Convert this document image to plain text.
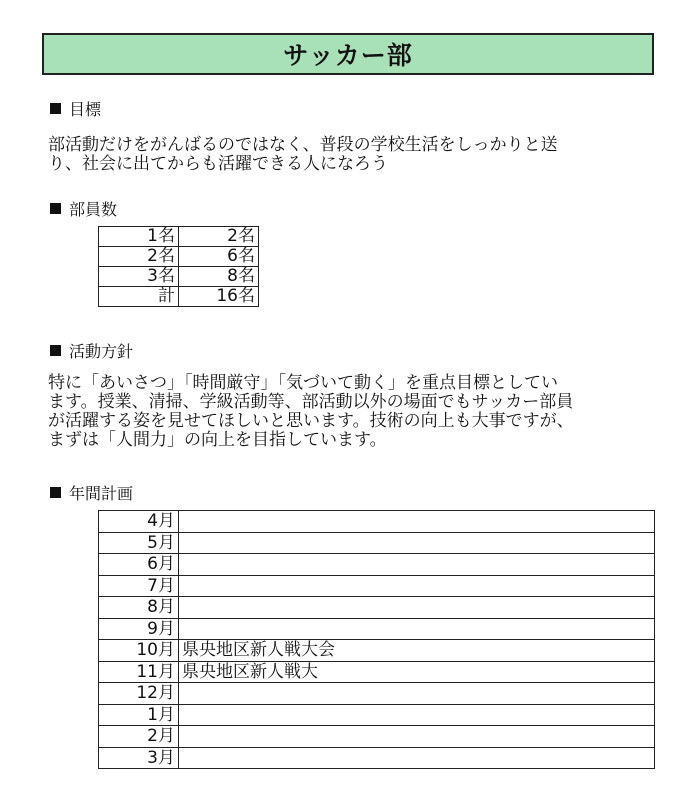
サッカー部
目標

部活動だけをがんばるのではなく、普段の学校生活をしっかりと送

り、社会に出てからも活躍できる人になろう

部員数
1名	2名
2名	6名
3名	8名
計	16名
活動方針

特に「あいさつ」「時間厳守」「気づいて動く」を重点目標としてい

ます。授業、清掃、学級活動等、部活動以外の場面でもサッカー部員

が活躍する姿を見せてほしいと思います。技術の向上も大事ですが、

まずは「人間力」の向上を目指しています。

年間計画
4月	
5月	
6月	
7月	
8月	
9月	
10月	県央地区新人戦大会
11月	県央地区新人戦大
12月	
1月	
2月	
3月	
